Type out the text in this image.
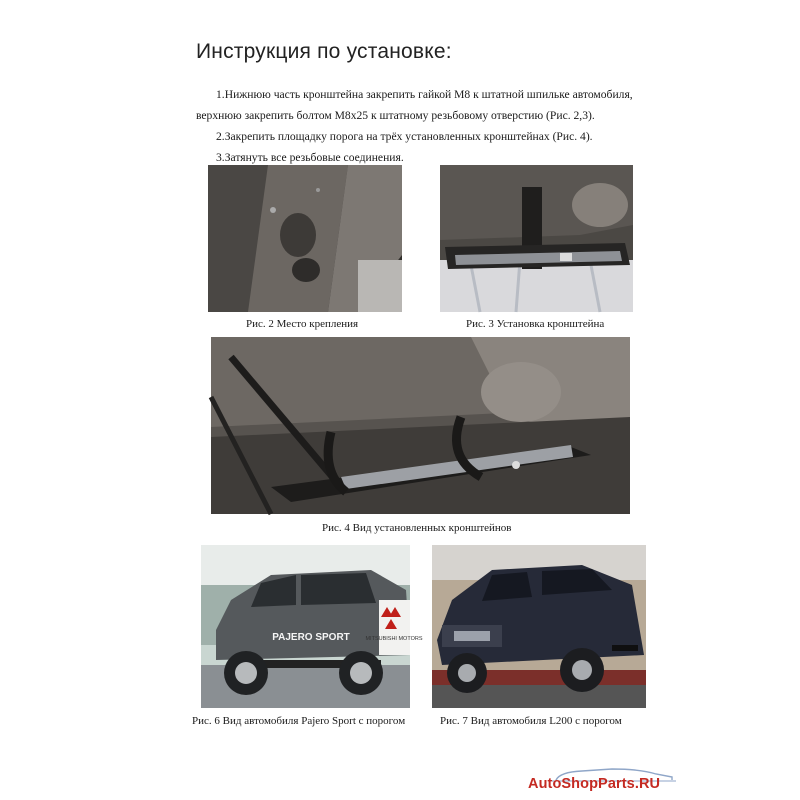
Инструкция по установке:

1.Нижнюю часть кронштейна закрепить гайкой М8 к штатной шпильке автомобиля,

верхнюю закрепить болтом М8х25 к штатному резьбовому отверстию (Рис. 2,3).

2.Закрепить площадку порога на трёх установленных кронштейнах (Рис. 4).

3.Затянуть все резьбовые соединения.

Рис. 2 Место крепления	Рис. 3 Установка кронштейна
Рис. 4 Вид установленных кронштейнов
MITSUBISHI MOTORS
PAJERO SPORT
Рис. 6 Вид автомобиля Pajero Sport с порогом	Рис. 7 Вид автомобиля L200 с порогом
AutoShopParts.RU
